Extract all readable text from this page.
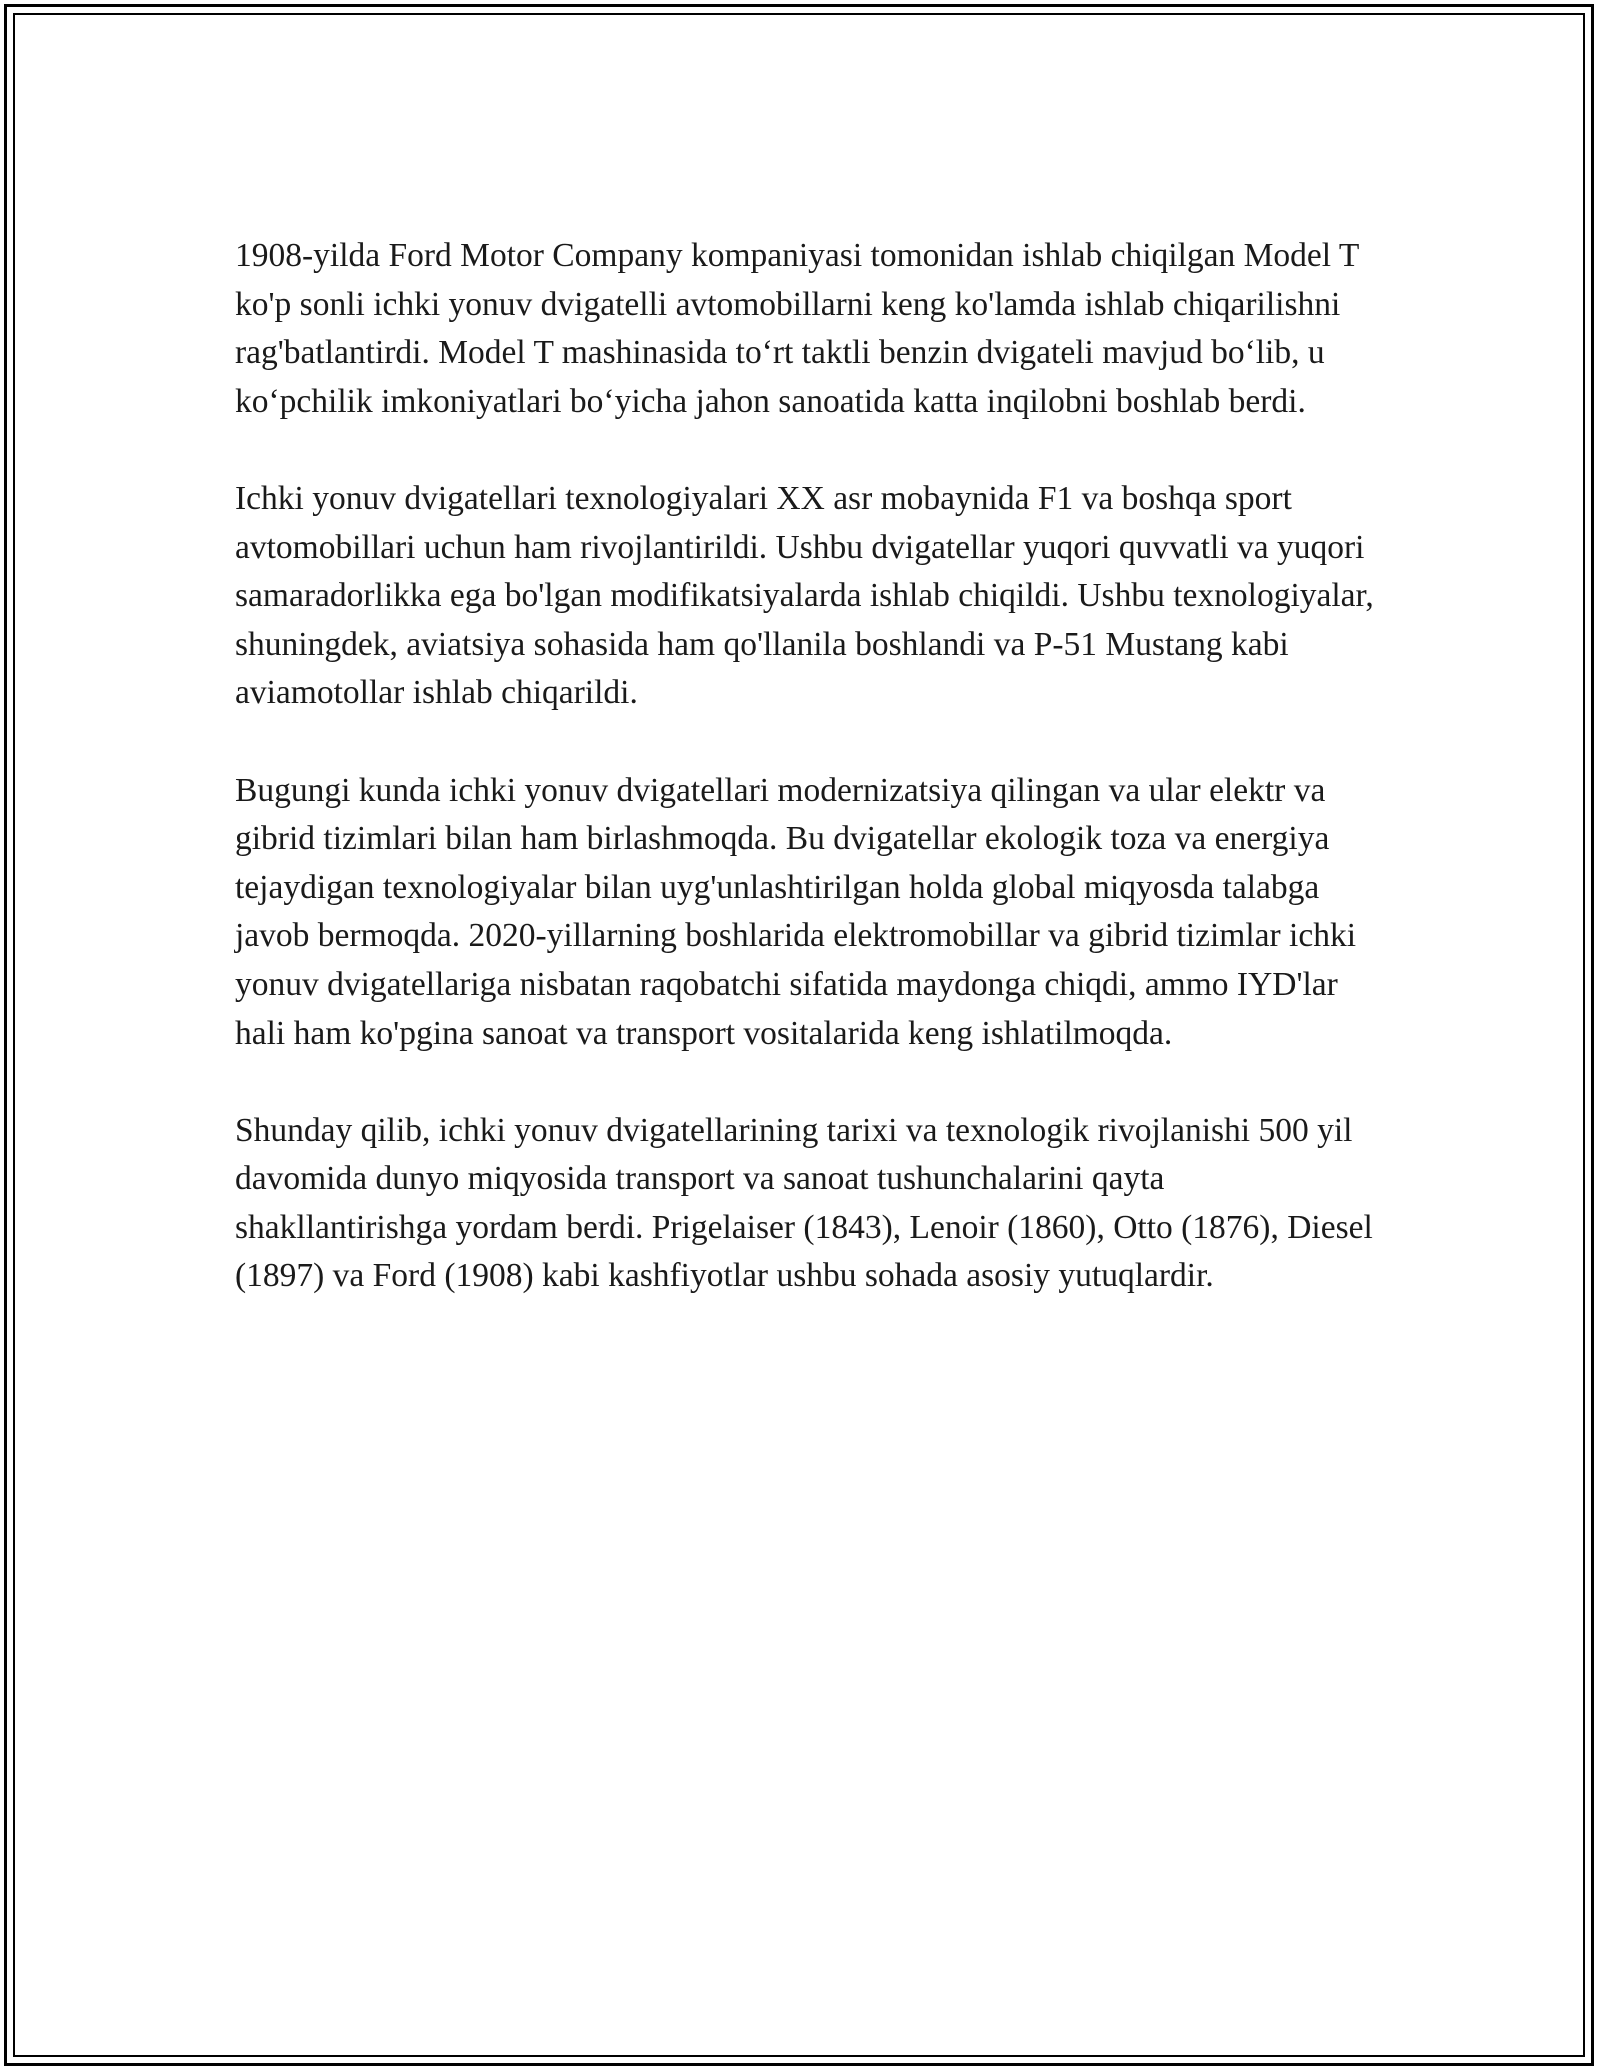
1908-yilda Ford Motor Company kompaniyasi tomonidan ishlab chiqilgan Model T ko'p sonli ichki yonuv dvigatelli avtomobillarni keng ko'lamda ishlab chiqarilishni rag'batlantirdi. Model T mashinasida to‘rt taktli benzin dvigateli mavjud bo‘lib, u ko‘pchilik imkoniyatlari bo‘yicha jahon sanoatida katta inqilobni boshlab berdi.

Ichki yonuv dvigatellari texnologiyalari XX asr mobaynida F1 va boshqa sport avtomobillari uchun ham rivojlantirildi. Ushbu dvigatellar yuqori quvvatli va yuqori samaradorlikka ega bo'lgan modifikatsiyalarda ishlab chiqildi. Ushbu texnologiyalar, shuningdek, aviatsiya sohasida ham qo'llanila boshlandi va P-51 Mustang kabi aviamotollar ishlab chiqarildi.

Bugungi kunda ichki yonuv dvigatellari modernizatsiya qilingan va ular elektr va gibrid tizimlari bilan ham birlashmoqda. Bu dvigatellar ekologik toza va energiya tejaydigan texnologiyalar bilan uyg'unlashtirilgan holda global miqyosda talabga javob bermoqda. 2020-yillarning boshlarida elektromobillar va gibrid tizimlar ichki yonuv dvigatellariga nisbatan raqobatchi sifatida maydonga chiqdi, ammo IYD'lar hali ham ko'pgina sanoat va transport vositalarida keng ishlatilmoqda.

Shunday qilib, ichki yonuv dvigatellarining tarixi va texnologik rivojlanishi 500 yil davomida dunyo miqyosida transport va sanoat tushunchalarini qayta shakllantirishga yordam berdi. Prigelaiser (1843), Lenoir (1860), Otto (1876), Diesel (1897) va Ford (1908) kabi kashfiyotlar ushbu sohada asosiy yutuqlardir.
